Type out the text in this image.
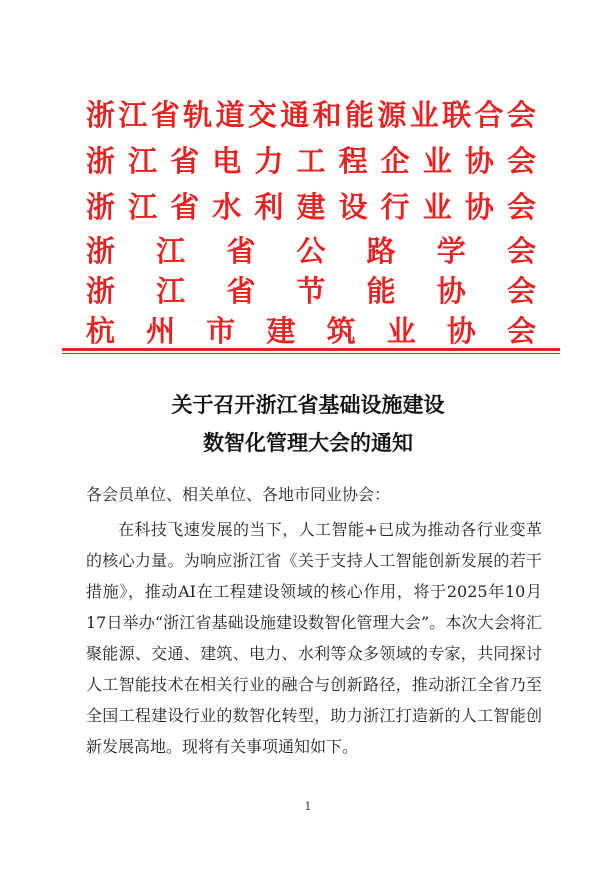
浙 江 省 轨 道 交 通 和 能 源 业 联 合 会
浙 江 省 电 力 工 程 企 业 协 会
浙 江 省 水 利 建 设 行 业 协 会
浙 江 省 公 路 学 会
浙 江 省 节 能 协 会
杭 州 市 建 筑 业 协 会
关于召开浙江省基础设施建设
数智化管理大会的通知
各会员单位、相关单位、各地市同业协会：
在科技飞速发展的当下，人工智能+已成为推动各行业变革的核心力量。为响应浙江省《关于支持人工智能创新发展的若干措施》，推动AI在工程建设领域的核心作用，将于2025年10月17日举办“浙江省基础设施建设数智化管理大会”。本次大会将汇聚能源、交通、建筑、电力、水利等众多领域的专家，共同探讨人工智能技术在相关行业的融合与创新路径，推动浙江全省乃至全国工程建设行业的数智化转型，助力浙江打造新的人工智能创新发展高地。现将有关事项通知如下。
1
